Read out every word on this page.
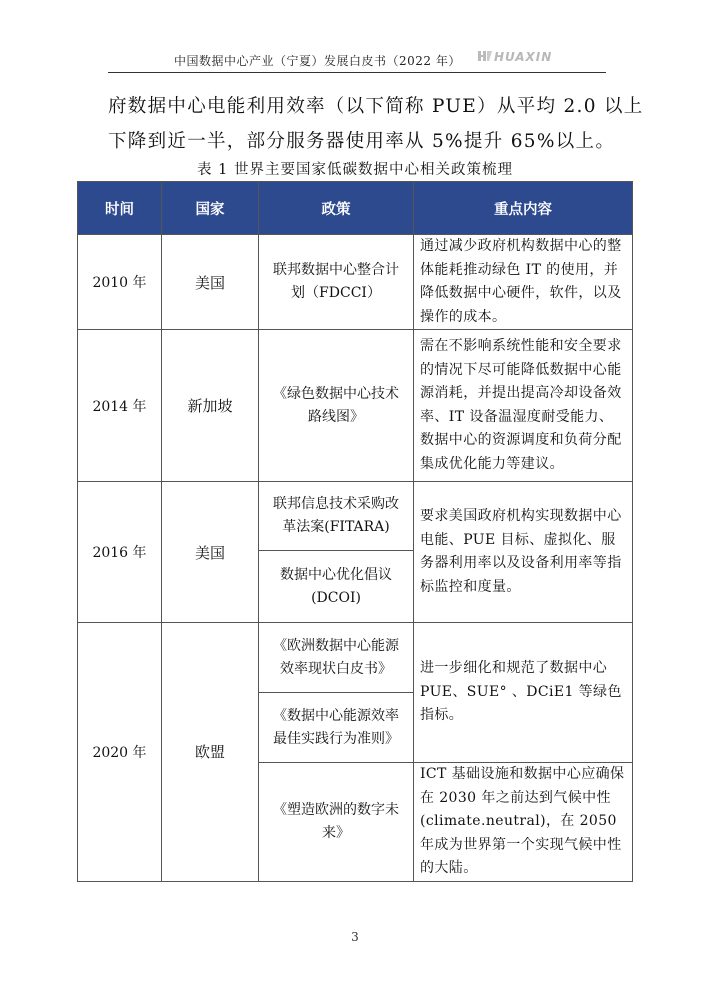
中国数据中心产业（宁夏）发展白皮书（2022 年）	HUAXIN
府数据中心电能利用效率（以下简称 PUE）从平均 2.0 以上
下降到近一半，部分服务器使用率从 5%提升 65%以上。
表 1 世界主要国家低碳数据中心相关政策梳理
时间	国家	政策	重点内容
2010 年	美国	联邦数据中心整合计划（FDCCI）	通过减少政府机构数据中心的整体能耗推动绿色 IT 的使用，并降低数据中心硬件，软件，以及操作的成本。
2014 年	新加坡	《绿色数据中心技术路线图》	需在不影响系统性能和安全要求的情况下尽可能降低数据中心能源消耗，并提出提高冷却设备效率、IT 设备温湿度耐受能力、数据中心的资源调度和负荷分配集成优化能力等建议。
2016 年	美国	联邦信息技术采购改革法案(FITARA)	要求美国政府机构实现数据中心电能、PUE 目标、虚拟化、服务器利用率以及设备利用率等指标监控和度量。
		数据中心优化倡议(DCOI)	
2020 年	欧盟	《欧洲数据中心能源效率现状白皮书》	进一步细化和规范了数据中心 PUE、SUE° 、DCiE1 等绿色指标。
		《数据中心能源效率最佳实践行为准则》	
		《塑造欧洲的数字未来》	ICT 基础设施和数据中心应确保在 2030 年之前达到气候中性(climate.neutral)，在 2050 年成为世界第一个实现气候中性的大陆。
3
